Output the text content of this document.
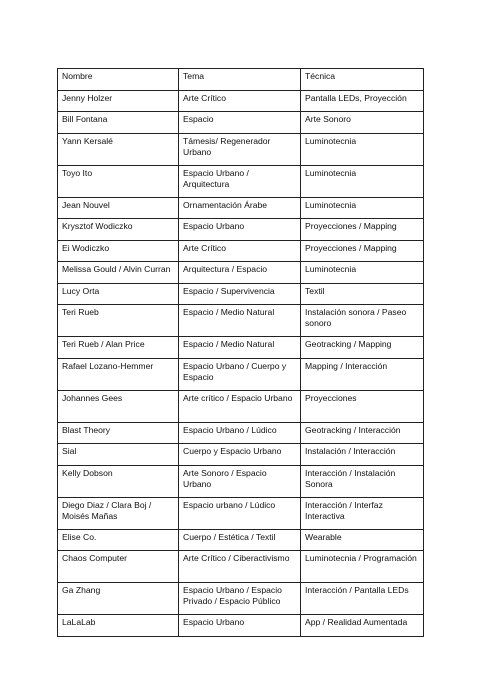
Nombre	Tema	Técnica
Jenny Holzer	Arte Crítico	Pantalla LEDs, Proyección
Bill Fontana	Espacio	Arte Sonoro
Yann Kersalé	Támesis/ Regenerador Urbano	Luminotecnia
Toyo Ito	Espacio Urbano / Arquitectura	Luminotecnia
Jean Nouvel	Ornamentación Árabe	Luminotecnia
Krysztof Wodiczko	Espacio Urbano	Proyecciones / Mapping
Ei Wodiczko	Arte Crítico	Proyecciones / Mapping
Melissa Gould / Alvin Curran	Arquitectura / Espacio	Luminotecnia
Lucy Orta	Espacio / Supervivencia	Textil
Teri Rueb	Espacio / Medio Natural	Instalación sonora / Paseo sonoro
Teri Rueb / Alan Price	Espacio / Medio Natural	Geotracking / Mapping
Rafael Lozano-Hemmer	Espacio Urbano / Cuerpo y Espacio	Mapping / Interacción
Johannes Gees	Arte crítico / Espacio Urbano	Proyecciones
Blast Theory	Espacio Urbano / Lúdico	Geotracking / Interacción
Sial	Cuerpo y Espacio Urbano	Instalación / Interacción
Kelly Dobson	Arte Sonoro / Espacio Urbano	Interacción / Instalación Sonora
Diego Diaz / Clara Boj / Moisés Mañas	Espacio urbano / Lúdico	Interacción / Interfaz Interactiva
Elise Co.	Cuerpo / Estética / Textil	Wearable
Chaos Computer	Arte Crítico / Ciberactivismo	Luminotecnia / Programación
Ga Zhang	Espacio Urbano / Espacio Privado / Espacio Público	Interacción / Pantalla LEDs
LaLaLab	Espacio Urbano	App / Realidad Aumentada
